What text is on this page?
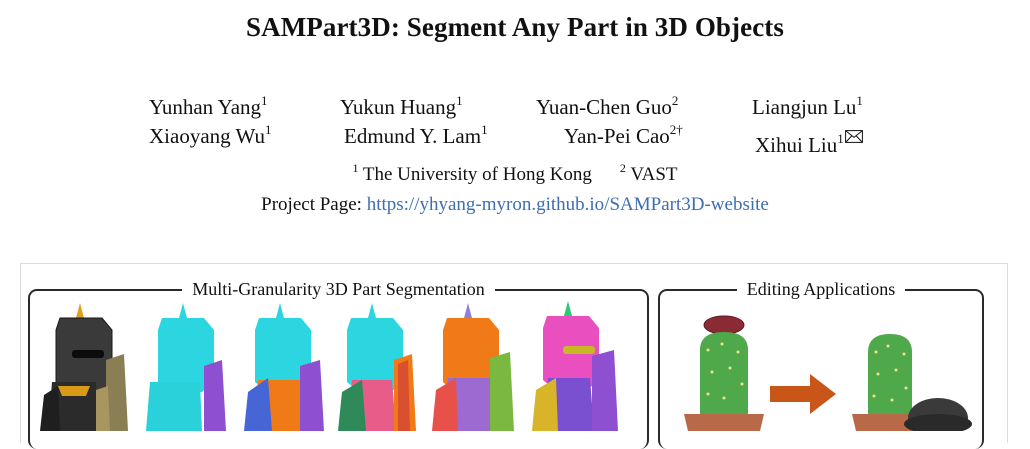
SAMPart3D: Segment Any Part in 3D Objects
Yunhan Yang$^1$	Yukun Huang$^1$	Yuan-Chen Guo$^2$	Liangjun Lu$^1$
Xiaoyang Wu$^1$	Edmund Y. Lam$^1$	Yan-Pei Cao$^{2\dagger}$
Xihui Liu$^1$
$^1$ The University of Hong Kong $^2$ VAST
Project Page: https://yhyang-myron.github.io/SAMPart3D-website
Multi-Granularity 3D Part Segmentation	Editing Applications
